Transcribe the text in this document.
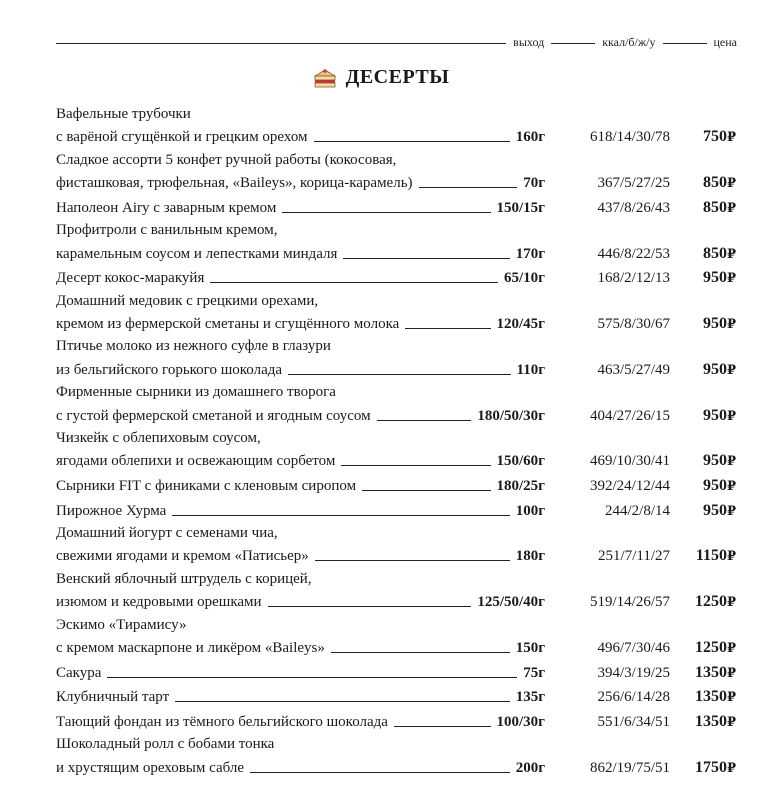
выход	ккал/б/ж/у	цена
ДЕСЕРТЫ
Вафельные трубочки
с варёной сгущёнкой и грецким орехом	160г	618/14/30/78 750₽
Сладкое ассорти 5 конфет ручной работы (кокосовая,
фисташковая, трюфельная, «Baileys», корица-карамель)	70г	367/5/27/25 850₽
Наполеон Airy с заварным кремом	150/15г	437/8/26/43 850₽
Профитроли с ванильным кремом,
карамельным соусом и лепестками миндаля	170г	446/8/22/53 850₽
Десерт кокос-маракуйя	65/10г	168/2/12/13 950₽
Домашний медовик с грецкими орехами,
кремом из фермерской сметаны и сгущённого молока	120/45г	575/8/30/67 950₽
Птичье молоко из нежного суфле в глазури
из бельгийского горького шоколада	110г	463/5/27/49 950₽
Фирменные сырники из домашнего творога
с густой фермерской сметаной и ягодным соусом	180/50/30г	404/27/26/15 950₽
Чизкейк с облепиховым соусом,
ягодами облепихи и освежающим сорбетом	150/60г	469/10/30/41 950₽
Сырники FIT с финиками с кленовым сиропом	180/25г	392/24/12/44 950₽
Пирожное Хурма	100г	244/2/8/14 950₽
Домашний йогурт с семенами чиа,
свежими ягодами и кремом «Патисьер»	180г	251/7/11/27 1150₽
Венский яблочный штрудель с корицей,
изюмом и кедровыми орешками	125/50/40г	519/14/26/57 1250₽
Эскимо «Тирамису»
с кремом маскарпоне и ликёром «Baileys»	150г	496/7/30/46 1250₽
Сакура	75г	394/3/19/25 1350₽
Клубничный тарт	135г	256/6/14/28 1350₽
Тающий фондан из тёмного бельгийского шоколада	100/30г	551/6/34/51 1350₽
Шоколадный ролл с бобами тонка
и хрустящим ореховым сабле	200г	862/19/75/51 1750₽
